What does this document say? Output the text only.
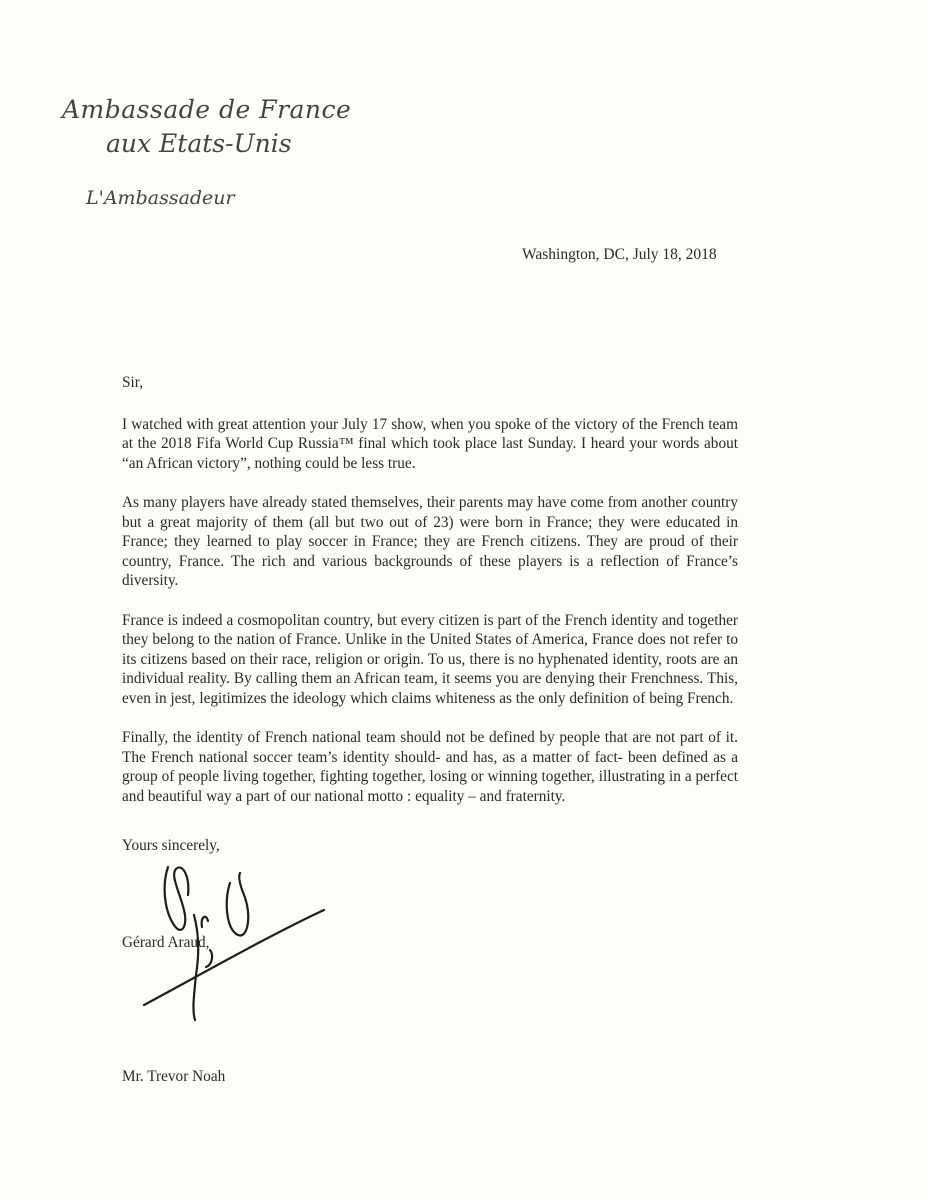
Ambassade de France
aux Etats-Unis
L'Ambassadeur
Washington, DC, July 18, 2018

Sir,

I watched with great attention your July 17 show, when you spoke of the victory of the French team at the 2018 Fifa World Cup Russia™ final which took place last Sunday. I heard your words about “an African victory”, nothing could be less true.

As many players have already stated themselves, their parents may have come from another country but a great majority of them (all but two out of 23) were born in France; they were educated in France; they learned to play soccer in France; they are French citizens. They are proud of their country, France. The rich and various backgrounds of these players is a reflection of France’s diversity.

France is indeed a cosmopolitan country, but every citizen is part of the French identity and together they belong to the nation of France. Unlike in the United States of America, France does not refer to its citizens based on their race, religion or origin. To us, there is no hyphenated identity, roots are an individual reality. By calling them an African team, it seems you are denying their Frenchness. This, even in jest, legitimizes the ideology which claims whiteness as the only definition of being French.

Finally, the identity of French national team should not be defined by people that are not part of it. The French national soccer team’s identity should- and has, as a matter of fact- been defined as a group of people living together, fighting together, losing or winning together, illustrating in a perfect and beautiful way a part of our national motto : equality – and fraternity.

Yours sincerely,
Gérard Araud,
Mr. Trevor Noah
